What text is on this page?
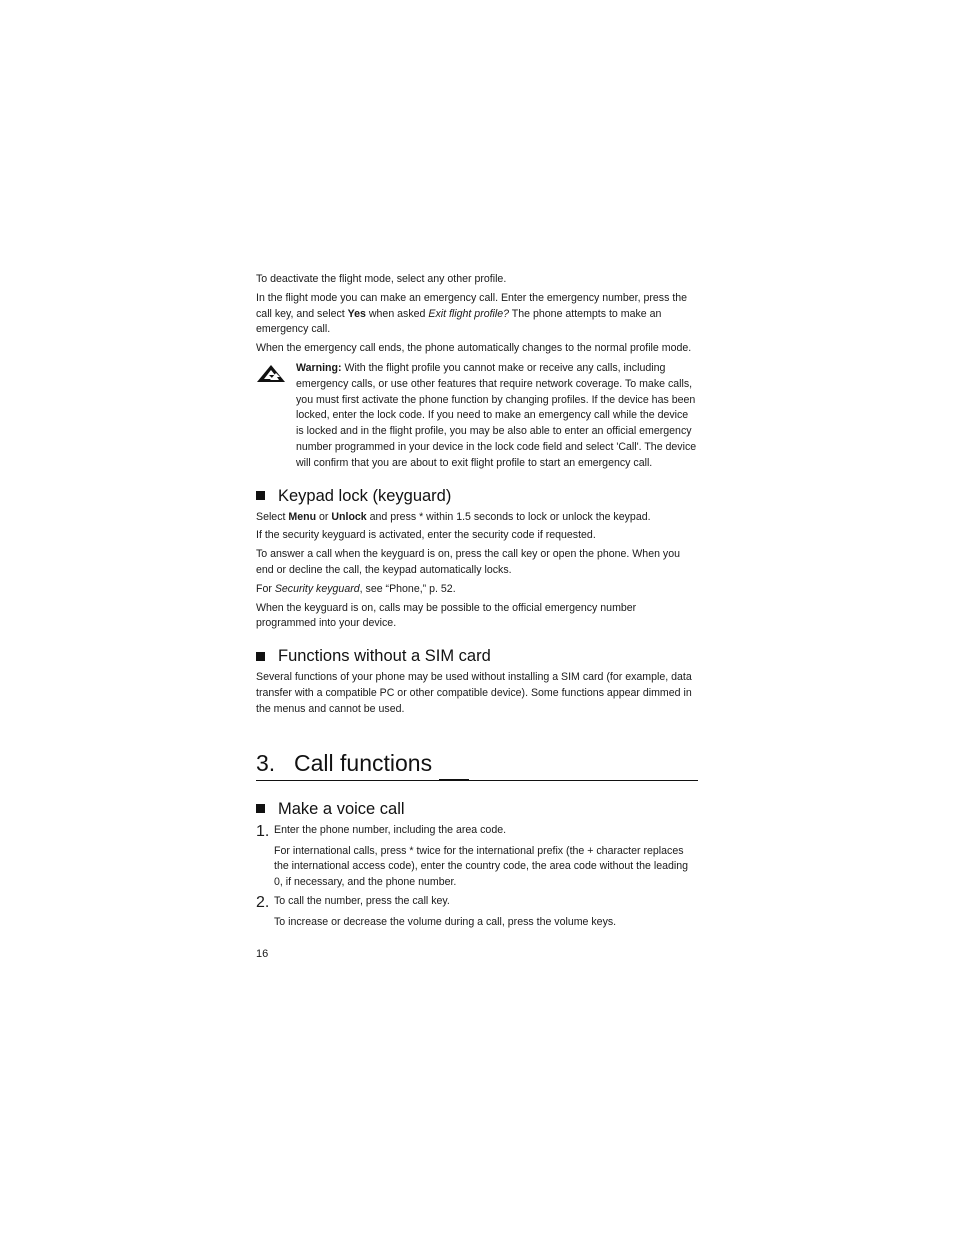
To deactivate the flight mode, select any other profile.

In the flight mode you can make an emergency call. Enter the emergency number, press the call key, and select Yes when asked Exit flight profile? The phone attempts to make an emergency call.

When the emergency call ends, the phone automatically changes to the normal profile mode.

Warning: With the flight profile you cannot make or receive any calls, including emergency calls, or use other features that require network coverage. To make calls, you must first activate the phone function by changing profiles. If the device has been locked, enter the lock code. If you need to make an emergency call while the device is locked and in the flight profile, you may be also able to enter an official emergency number programmed in your device in the lock code field and select 'Call'. The device will confirm that you are about to exit flight profile to start an emergency call.

Keypad lock (keyguard)

Select Menu or Unlock and press * within 1.5 seconds to lock or unlock the keypad.

If the security keyguard is activated, enter the security code if requested.

To answer a call when the keyguard is on, press the call key or open the phone. When you end or decline the call, the keypad automatically locks.

For Security keyguard, see “Phone,” p. 52.

When the keyguard is on, calls may be possible to the official emergency number programmed into your device.

Functions without a SIM card

Several functions of your phone may be used without installing a SIM card (for example, data transfer with a compatible PC or other compatible device). Some functions appear dimmed in the menus and cannot be used.

3. Call functions
Make a voice call
1. Enter the phone number, including the area code.

For international calls, press * twice for the international prefix (the + character replaces the international access code), enter the country code, the area code without the leading 0, if necessary, and the phone number.

2. To call the number, press the call key.

To increase or decrease the volume during a call, press the volume keys.

16
